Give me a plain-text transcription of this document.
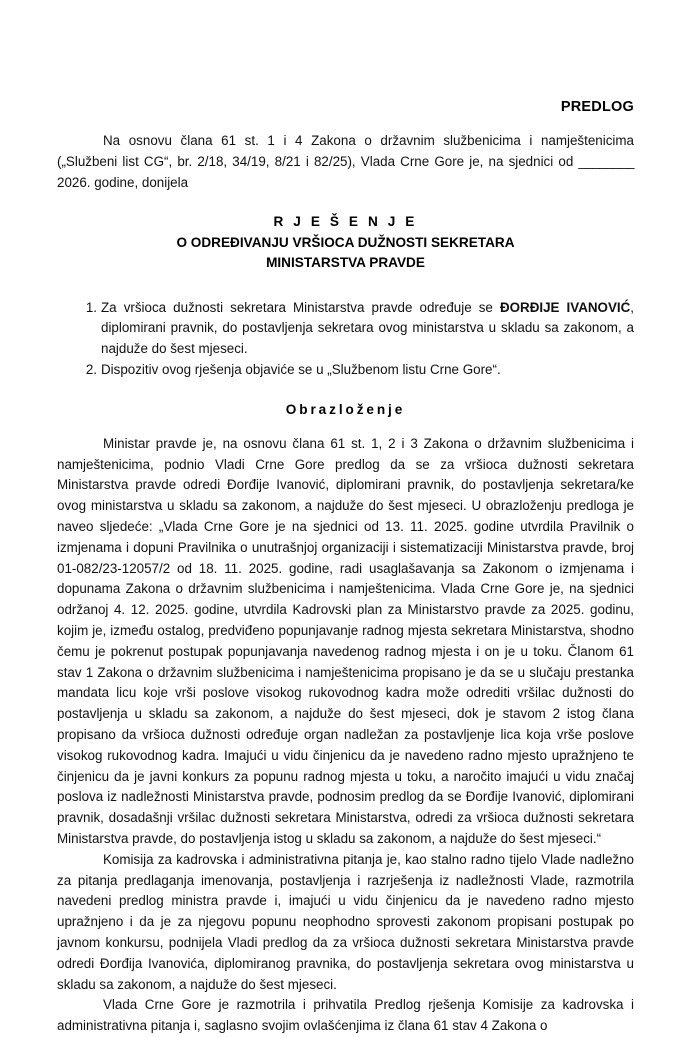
PREDLOG

Na osnovu člana 61 st. 1 i 4 Zakona o državnim službenicima i namještenicima („Službeni list CG“, br. 2/18, 34/19, 8/21 i 82/25), Vlada Crne Gore je, na sjednici od ________ 2026. godine, donijela

R J E Š E N J E
O ODREĐIVANJU VRŠIOCA DUŽNOSTI SEKRETARA
MINISTARSTVA PRAVDE
Za vršioca dužnosti sekretara Ministarstva pravde određuje se ĐORĐIJE IVANOVIĆ, diplomirani pravnik, do postavljenja sekretara ovog ministarstva u skladu sa zakonom, a najduže do šest mjeseci.
Dispozitiv ovog rješenja objaviće se u „Službenom listu Crne Gore“.
Obrazloženje

Ministar pravde je, na osnovu člana 61 st. 1, 2 i 3 Zakona o državnim službenicima i namještenicima, podnio Vladi Crne Gore predlog da se za vršioca dužnosti sekretara Ministarstva pravde odredi Đorđije Ivanović, diplomirani pravnik, do postavljenja sekretara/ke ovog ministarstva u skladu sa zakonom, a najduže do šest mjeseci. U obrazloženju predloga je naveo sljedeće: „Vlada Crne Gore je na sjednici od 13. 11. 2025. godine utvrdila Pravilnik o izmjenama i dopuni Pravilnika o unutrašnjoj organizaciji i sistematizaciji Ministarstva pravde, broj 01-082/23-12057/2 od 18. 11. 2025. godine, radi usaglašavanja sa Zakonom o izmjenama i dopunama Zakona o državnim službenicima i namještenicima. Vlada Crne Gore je, na sjednici održanoj 4. 12. 2025. godine, utvrdila Kadrovski plan za Ministarstvo pravde za 2025. godinu, kojim je, između ostalog, predviđeno popunjavanje radnog mjesta sekretara Ministarstva, shodno čemu je pokrenut postupak popunjavanja navedenog radnog mjesta i on je u toku. Članom 61 stav 1 Zakona o državnim službenicima i namještenicima propisano je da se u slučaju prestanka mandata licu koje vrši poslove visokog rukovodnog kadra može odrediti vršilac dužnosti do postavljenja u skladu sa zakonom, a najduže do šest mjeseci, dok je stavom 2 istog člana propisano da vršioca dužnosti određuje organ nadležan za postavljenje lica koja vrše poslove visokog rukovodnog kadra. Imajući u vidu činjenicu da je navedeno radno mjesto upražnjeno te činjenicu da je javni konkurs za popunu radnog mjesta u toku, a naročito imajući u vidu značaj poslova iz nadležnosti Ministarstva pravde, podnosim predlog da se Đorđije Ivanović, diplomirani pravnik, dosadašnji vršilac dužnosti sekretara Ministarstva, odredi za vršioca dužnosti sekretara Ministarstva pravde, do postavljenja istog u skladu sa zakonom, a najduže do šest mjeseci.“

Komisija za kadrovska i administrativna pitanja je, kao stalno radno tijelo Vlade nadležno za pitanja predlaganja imenovanja, postavljenja i razrješenja iz nadležnosti Vlade, razmotrila navedeni predlog ministra pravde i, imajući u vidu činjenicu da je navedeno radno mjesto upražnjeno i da je za njegovu popunu neophodno sprovesti zakonom propisani postupak po javnom konkursu, podnijela Vladi predlog da za vršioca dužnosti sekretara Ministarstva pravde odredi Đorđija Ivanovića, diplomiranog pravnika, do postavljenja sekretara ovog ministarstva u skladu sa zakonom, a najduže do šest mjeseci.

Vlada Crne Gore je razmotrila i prihvatila Predlog rješenja Komisije za kadrovska i administrativna pitanja i, saglasno svojim ovlašćenjima iz člana 61 stav 4 Zakona o
